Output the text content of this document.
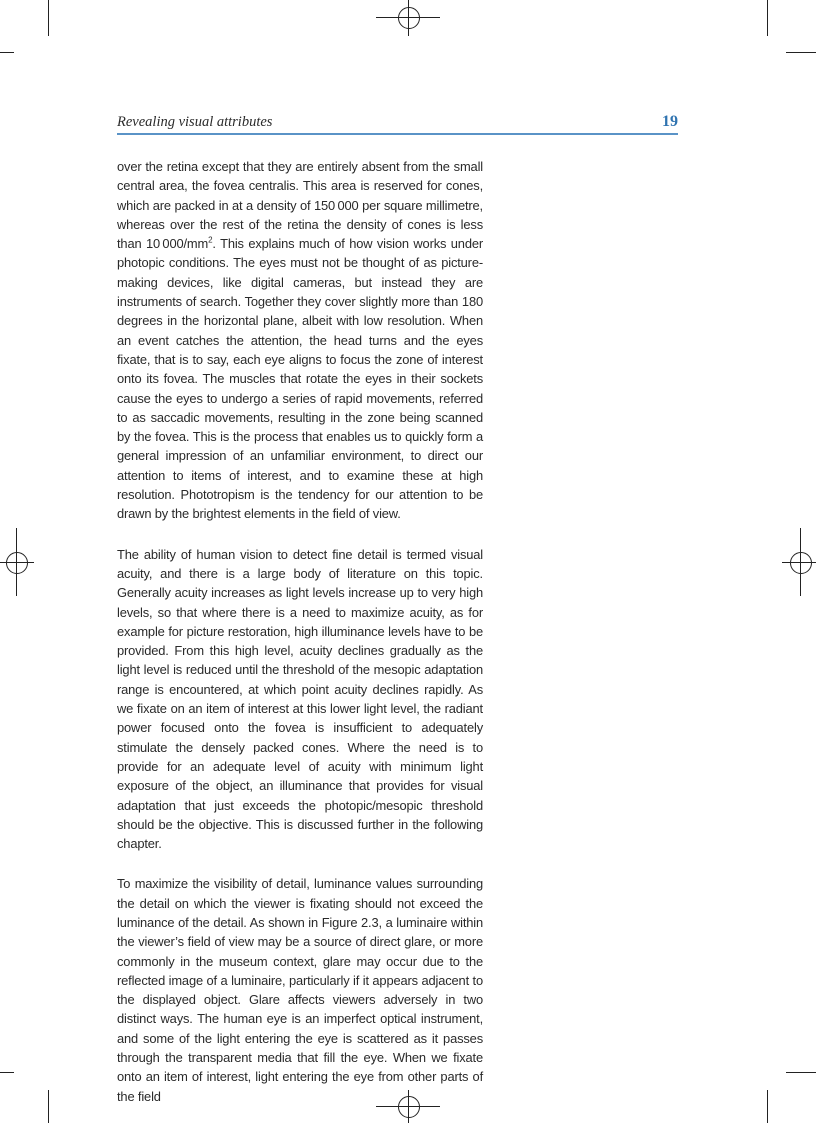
Revealing visual attributes	19

over the retina except that they are entirely absent from the small central area, the fovea centralis. This area is reserved for cones, which are packed in at a density of 150 000 per square millimetre, whereas over the rest of the retina the density of cones is less than 10 $000/mm^2$. This explains much of how vision works under photopic conditions. The eyes must not be thought of as picture-making devices, like digital cameras, but instead they are instruments of search. Together they cover slightly more than 180 degrees in the horizontal plane, albeit with low resolution. When an event catches the attention, the head turns and the eyes fixate, that is to say, each eye aligns to focus the zone of interest onto its fovea. The muscles that rotate the eyes in their sockets cause the eyes to undergo a series of rapid movements, referred to as saccadic movements, resulting in the zone being scanned by the fovea. This is the process that enables us to quickly form a general impression of an unfamiliar environment, to direct our attention to items of interest, and to examine these at high resolution. Phototropism is the tendency for our attention to be drawn by the brightest elements in the field of view.

The ability of human vision to detect fine detail is termed visual acuity, and there is a large body of literature on this topic. Generally acuity increases as light levels increase up to very high levels, so that where there is a need to maximize acuity, as for example for picture restoration, high illuminance levels have to be provided. From this high level, acuity declines gradually as the light level is reduced until the threshold of the mesopic adaptation range is encountered, at which point acuity declines rapidly. As we fixate on an item of interest at this lower light level, the radiant power focused onto the fovea is insufficient to adequately stimulate the densely packed cones. Where the need is to provide for an adequate level of acuity with minimum light exposure of the object, an illuminance that provides for visual adaptation that just exceeds the photopic/mesopic threshold should be the objective. This is discussed further in the following chapter.

To maximize the visibility of detail, luminance values surrounding the detail on which the viewer is fixating should not exceed the luminance of the detail. As shown in Figure 2.3, a luminaire within the viewer’s field of view may be a source of direct glare, or more commonly in the museum context, glare may occur due to the reflected image of a luminaire, particularly if it appears adjacent to the displayed object. Glare affects viewers adversely in two distinct ways. The human eye is an imperfect optical instrument, and some of the light entering the eye is scattered as it passes through the transparent media that fill the eye. When we fixate onto an item of interest, light entering the eye from other parts of the field
